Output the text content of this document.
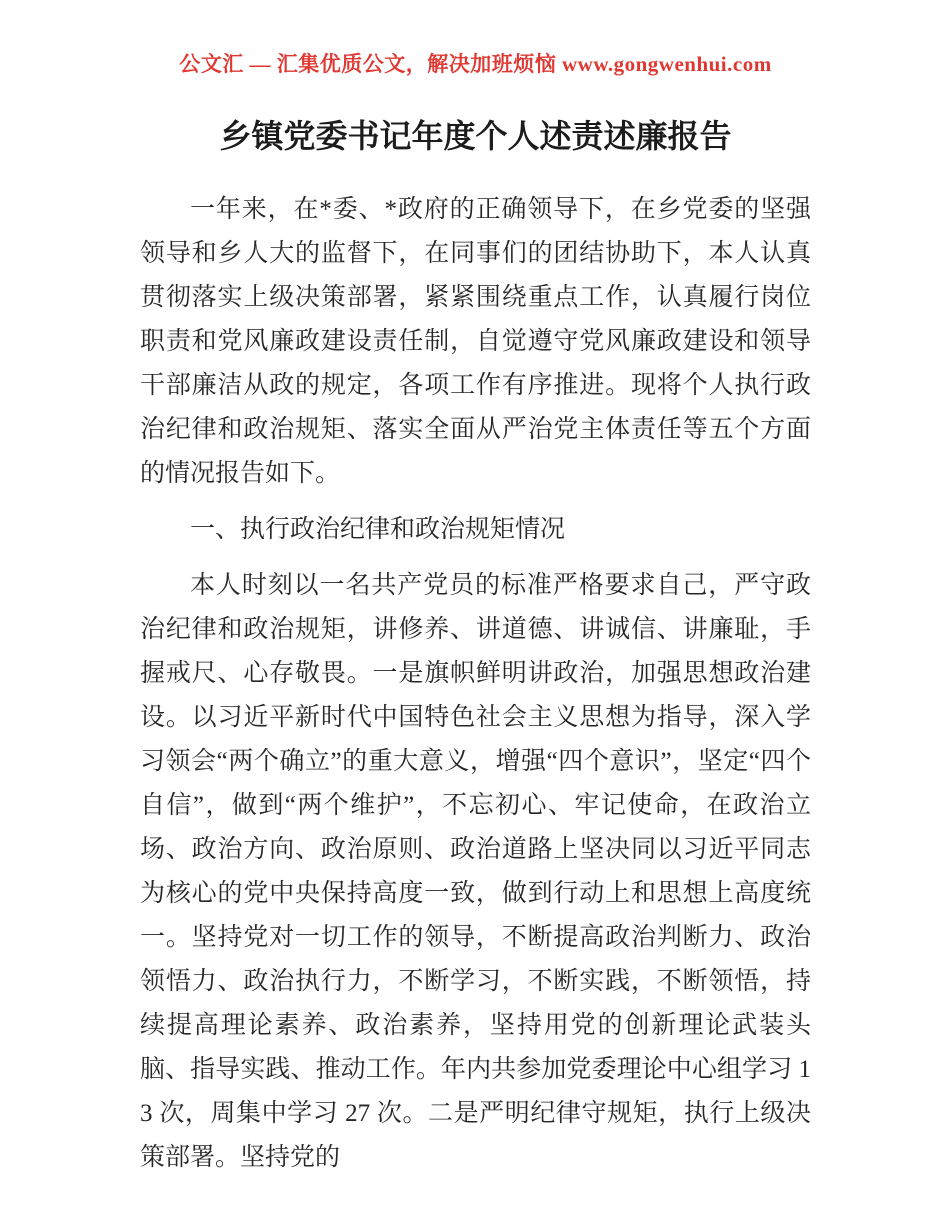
公文汇 — 汇集优质公文，解决加班烦恼 www.gongwenhui.com
乡镇党委书记年度个人述责述廉报告

一年来，在*委、*政府的正确领导下，在乡党委的坚强领导和乡人大的监督下，在同事们的团结协助下，本人认真贯彻落实上级决策部署，紧紧围绕重点工作，认真履行岗位职责和党风廉政建设责任制，自觉遵守党风廉政建设和领导干部廉洁从政的规定，各项工作有序推进。现将个人执行政治纪律和政治规矩、落实全面从严治党主体责任等五个方面的情况报告如下。

一、执行政治纪律和政治规矩情况

本人时刻以一名共产党员的标准严格要求自己，严守政治纪律和政治规矩，讲修养、讲道德、讲诚信、讲廉耻，手握戒尺、心存敬畏。一是旗帜鲜明讲政治，加强思想政治建设。以习近平新时代中国特色社会主义思想为指导，深入学习领会“两个确立”的重大意义，增强“四个意识”，坚定“四个自信”，做到“两个维护”，不忘初心、牢记使命，在政治立场、政治方向、政治原则、政治道路上坚决同以习近平同志为核心的党中央保持高度一致，做到行动上和思想上高度统一。坚持党对一切工作的领导，不断提高政治判断力、政治领悟力、政治执行力，不断学习，不断实践，不断领悟，持续提高理论素养、政治素养，坚持用党的创新理论武装头脑、指导实践、推动工作。年内共参加党委理论中心组学习 13 次，周集中学习 27 次。二是严明纪律守规矩，执行上级决策部署。坚持党的
